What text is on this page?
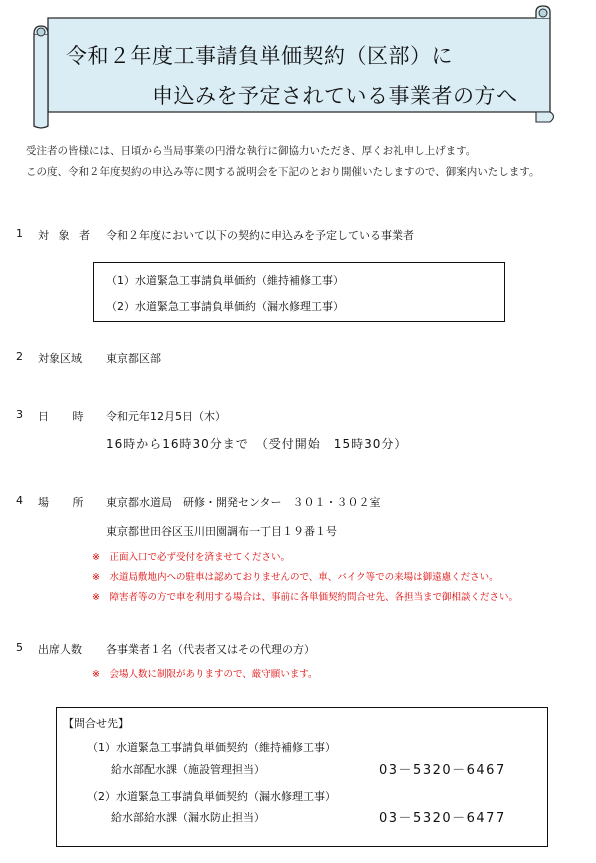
令和２年度工事請負単価契約（区部）に
申込みを予定されている事業者の方へ
受注者の皆様には、日頃から当局事業の円滑な執行に御協力いただき、厚くお礼申し上げます。
この度、令和２年度契約の申込み等に関する説明会を下記のとおり開催いたしますので、御案内いたします。
1 対 象 者 令和２年度において以下の契約に申込みを予定している事業者
（1）水道緊急工事請負単価約（維持補修工事）
（2）水道緊急工事請負単価約（漏水修理工事）
2 対象区域 東京都区部
3 日　 時 令和元年12月5日（木）
16時から16時30分まで　（受付開始　15時30分）
4 場　 所 東京都水道局　研修・開発センター　３０１・３０２室
東京都世田谷区玉川田園調布一丁目１９番１号
※　正面入口で必ず受付を済ませてください。
※　水道局敷地内への駐車は認めておりませんので、車、バイク等での来場は御遠慮ください。
※　障害者等の方で車を利用する場合は、事前に各単価契約問合せ先、各担当まで御相談ください。
5 出席人数 各事業者１名（代表者又はその代理の方）
※　会場人数に制限がありますので、厳守願います。
【問合せ先】
（1）水道緊急工事請負単価契約（維持補修工事）
給水部配水課（施設管理担当）	03－5320－6467
（2）水道緊急工事請負単価契約（漏水修理工事）
給水部給水課（漏水防止担当）	03－5320－6477
